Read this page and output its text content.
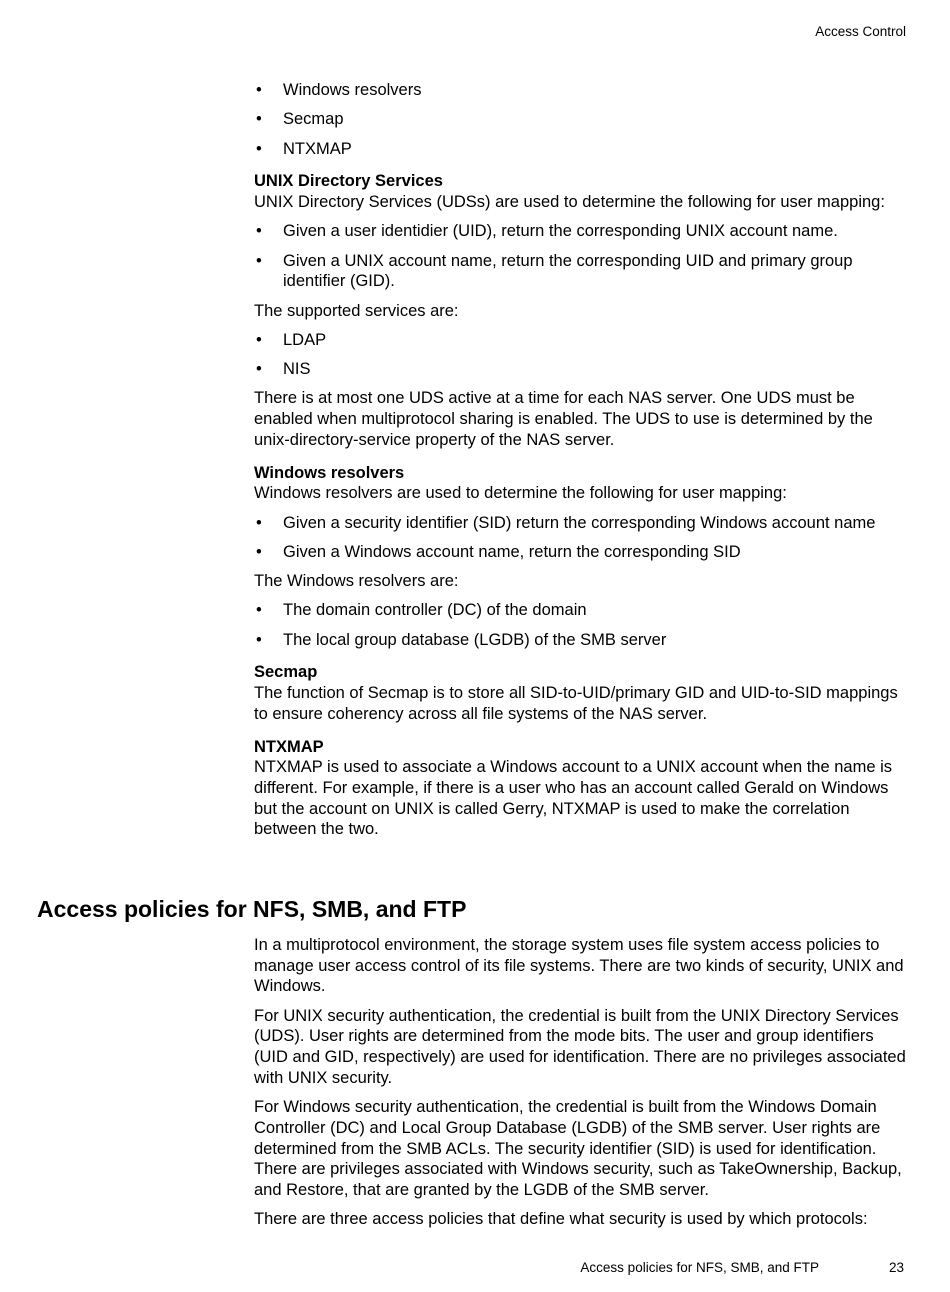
Access Control
• Windows resolvers
• Secmap
• NTXMAP
UNIX Directory Services

UNIX Directory Services (UDSs) are used to determine the following for user mapping:

• Given a user identidier (UID), return the corresponding UNIX account name.
• Given a UNIX account name, return the corresponding UID and primary group identifier (GID).

The supported services are:

• LDAP
• NIS

There is at most one UDS active at a time for each NAS server. One UDS must be enabled when multiprotocol sharing is enabled. The UDS to use is determined by the unix-directory-service property of the NAS server.

Windows resolvers

Windows resolvers are used to determine the following for user mapping:

• Given a security identifier (SID) return the corresponding Windows account name
• Given a Windows account name, return the corresponding SID

The Windows resolvers are:

• The domain controller (DC) of the domain
• The local group database (LGDB) of the SMB server
Secmap

The function of Secmap is to store all SID-to-UID/primary GID and UID-to-SID mappings to ensure coherency across all file systems of the NAS server.

NTXMAP

NTXMAP is used to associate a Windows account to a UNIX account when the name is different. For example, if there is a user who has an account called Gerald on Windows but the account on UNIX is called Gerry, NTXMAP is used to make the correlation between the two.

Access policies for NFS, SMB, and FTP

In a multiprotocol environment, the storage system uses file system access policies to manage user access control of its file systems. There are two kinds of security, UNIX and Windows.

For UNIX security authentication, the credential is built from the UNIX Directory Services (UDS). User rights are determined from the mode bits. The user and group identifiers (UID and GID, respectively) are used for identification. There are no privileges associated with UNIX security.

For Windows security authentication, the credential is built from the Windows Domain Controller (DC) and Local Group Database (LGDB) of the SMB server. User rights are determined from the SMB ACLs. The security identifier (SID) is used for identification. There are privileges associated with Windows security, such as TakeOwnership, Backup, and Restore, that are granted by the LGDB of the SMB server.

There are three access policies that define what security is used by which protocols:

Access policies for NFS, SMB, and FTP	23
